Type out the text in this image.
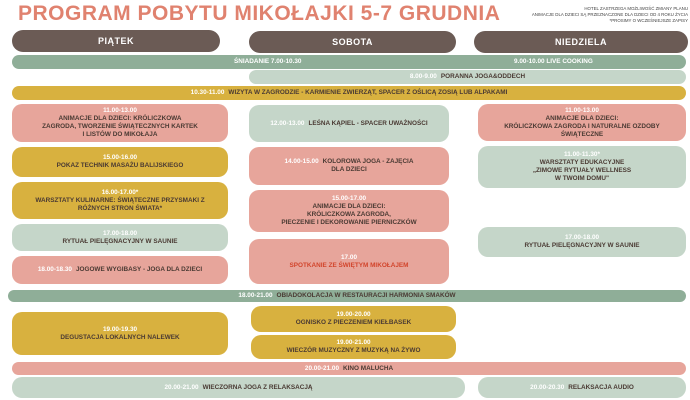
PROGRAM POBYTU MIKOŁAJKI 5-7 GRUDNIA	HOTEL ZASTRZEGA MOŻLIWOŚĆ ZMIANY PLANU
ANIMACJE DLA DZIECI SĄ PRZEZNACZONE DLA DZIECI OD 4 ROKU ŻYCIA
*PROSIMY O WCZEŚNIEJSZE ZAPISY
PIĄTEK	SOBOTA	NIEDZIELA
ŚNIADANIE 7.00-10.30	9.00-10.00 LIVE COOKING
8.00-9.00 PORANNA JOGA&ODDECH
10.30-11.00 WIZYTA W ZAGRODZIE - KARMIENIE ZWIERZĄT, SPACER Z OŚLICĄ ZOSIĄ LUB ALPAKAMI
11.00-13.00
ANIMACJE DLA DZIECI: KRÓLICZKOWA
ZAGRODA, TWORZENIE ŚWIĄTECZNYCH KARTEK
I LISTÓW DO MIKOŁAJA
12.00-13.00 LEŚNA KĄPIEL - SPACER UWAŻNOŚCI
11.00-13.00
ANIMACJE DLA DZIECI:
KRÓLICZKOWA ZAGRODA I NATURALNE OZDOBY
ŚWIĄTECZNE
15.00-16.00
POKAZ TECHNIK MASAŻU BALIJSKIEGO
14.00-15.00 KOLOROWA JOGA - ZAJĘCIA
DLA DZIECI
11.00-11.30*
WARSZTATY EDUKACYJNE
„ZIMOWE RYTUAŁY WELLNESS
W TWOIM DOMU"
16.00-17.00*
WARSZTATY KULINARNE: ŚWIĄTECZNE PRZYSMAKI Z
RÓŻNYCH STRON ŚWIATA*
15.00-17.00
ANIMACJE DLA DZIECI:
KRÓLICZKOWA ZAGRODA,
PIECZENIE I DEKOROWANIE PIERNICZKÓW
17.00-18.00
RYTUAŁ PIELĘGNACYJNY W SAUNIE	17.00-18.00
RYTUAŁ PIELĘGNACYJNY W SAUNIE
18.00-18.30 JOGOWE WYGIBASY - JOGA DLA DZIECI
17.00
SPOTKANIE ZE ŚWIĘTYM MIKOŁAJEM
18.00-21.00 OBIADOKOLACJA W RESTAURACJI HARMONIA SMAKÓW
19.00-19.30
DEGUSTACJA LOKALNYCH NALEWEK
19.00-20.00
OGNISKO Z PIECZENIEM KIEŁBASEK
19.00-21.00
WIECZÓR MUZYCZNY Z MUZYKĄ NA ŻYWO
20.00-21.00 KINO MALUCHA
20.00-21.00 WIECZORNA JOGA Z RELAKSACJĄ	20.00-20.30 RELAKSACJA AUDIO
